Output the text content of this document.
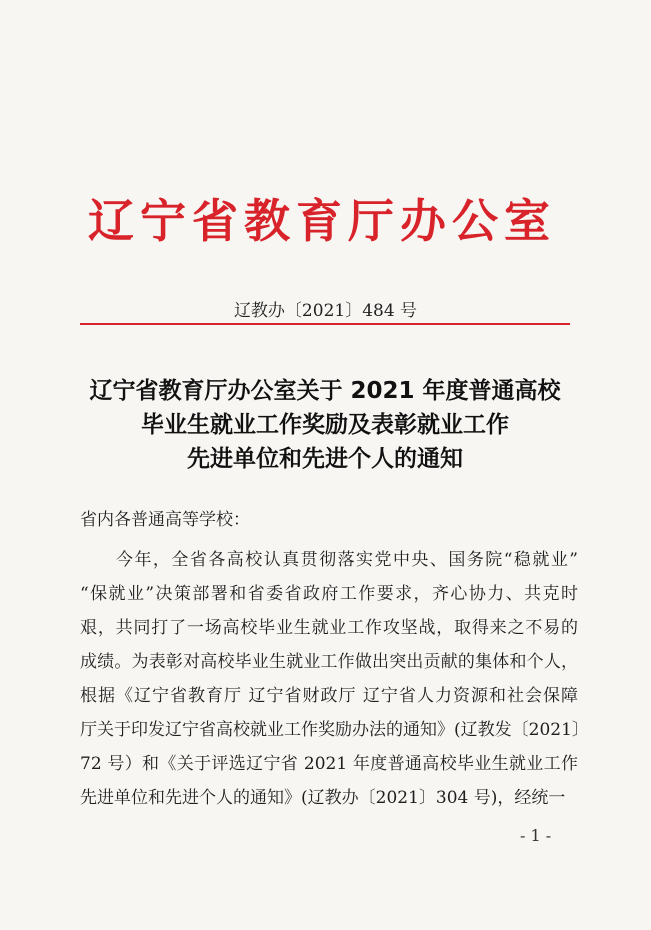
辽宁省教育厅办公室
辽教办〔2021〕484 号
辽宁省教育厅办公室关于 2021 年度普通高校
毕业生就业工作奖励及表彰就业工作
先进单位和先进个人的通知
省内各普通高等学校：
今年，全省各高校认真贯彻落实党中央、国务院“稳就业”
“保就业”决策部署和省委省政府工作要求，齐心协力、共克时
艰，共同打了一场高校毕业生就业工作攻坚战，取得来之不易的
成绩。为表彰对高校毕业生就业工作做出突出贡献的集体和个人，
根据《辽宁省教育厅 辽宁省财政厅 辽宁省人力资源和社会保障
厅关于印发辽宁省高校就业工作奖励办法的通知》(辽教发〔2021〕
72 号）和《关于评选辽宁省 2021 年度普通高校毕业生就业工作
先进单位和先进个人的通知》(辽教办〔2021〕304 号)，经统一
- 1 -
